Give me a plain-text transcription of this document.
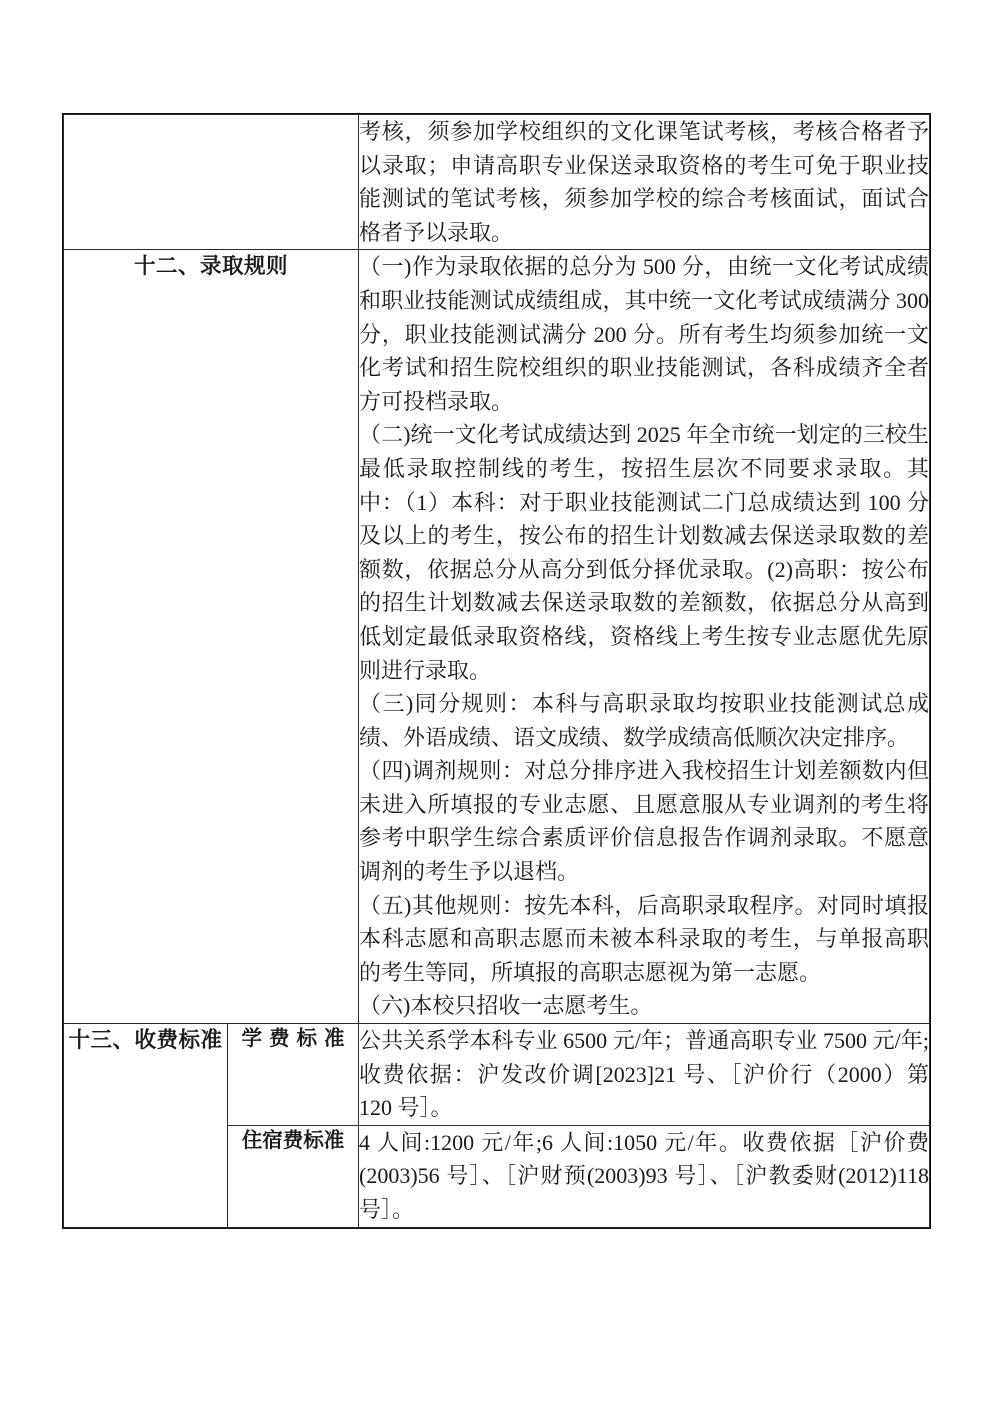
		考核，须参加学校组织的文化课笔试考核，考核合格者予以录取；申请高职专业保送录取资格的考生可免于职业技能测试的笔试考核，须参加学校的综合考核面试，面试合格者予以录取。

十二、录取规则	（一)作为录取依据的总分为 500 分，由统一文化考试成绩和职业技能测试成绩组成，其中统一文化考试成绩满分 300 分，职业技能测试满分 200 分。所有考生均须参加统一文化考试和招生院校组织的职业技能测试，各科成绩齐全者方可投档录取。

（二)统一文化考试成绩达到 2025 年全市统一划定的三校生最低录取控制线的考生，按招生层次不同要求录取。其中：（1）本科：对于职业技能测试二门总成绩达到 100 分及以上的考生，按公布的招生计划数减去保送录取数的差额数，依据总分从高分到低分择优录取。(2)高职：按公布的招生计划数减去保送录取数的差额数，依据总分从高到低划定最低录取资格线，资格线上考生按专业志愿优先原则进行录取。

（三)同分规则：本科与高职录取均按职业技能测试总成绩、外语成绩、语文成绩、数学成绩高低顺次决定排序。

（四)调剂规则：对总分排序进入我校招生计划差额数内但未进入所填报的专业志愿、且愿意服从专业调剂的考生将参考中职学生综合素质评价信息报告作调剂录取。不愿意调剂的考生予以退档。

（五)其他规则：按先本科，后高职录取程序。对同时填报本科志愿和高职志愿而未被本科录取的考生，与单报高职的考生等同，所填报的高职志愿视为第一志愿。

（六)本校只招收一志愿考生。

十三、收费标准	学费标准	公共关系学本科专业 6500 元/年；普通高职专业 7500 元/年;收费依据：沪发改价调[2023]21 号、［沪价行（2000）第 120 号］。

	住宿费标准	4 人间:1200 元/年;6 人间:1050 元/年。收费依据［沪价费(2003)56 号］、［沪财预(2003)93 号］、［沪教委财(2012)118 号］。
